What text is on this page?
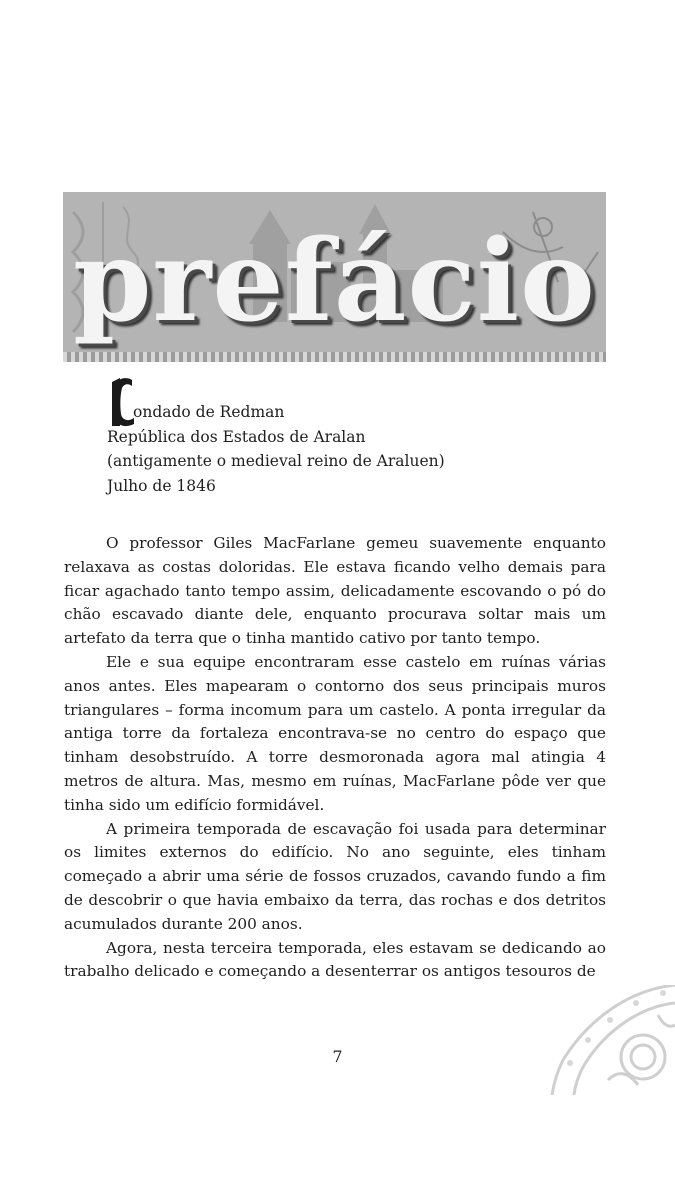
prefácio
ondado de Redman
República dos Estados de Aralan
(antigamente o medieval reino de Araluen)
Julho de 1846

O professor Giles MacFarlane gemeu suavemente enquanto relaxava as costas doloridas. Ele estava ficando velho demais para ficar agachado tanto tempo assim, delicadamente escovando o pó do chão escavado diante dele, enquanto procurava soltar mais um artefato da terra que o tinha mantido cativo por tanto tempo.

Ele e sua equipe encontraram esse castelo em ruínas várias anos antes. Eles mapearam o contorno dos seus principais muros triangulares – forma incomum para um castelo. A ponta irregular da antiga torre da fortaleza encontrava-se no centro do espaço que tinham desobstruído. A torre desmoronada agora mal atingia 4 metros de altura. Mas, mesmo em ruínas, MacFarlane pôde ver que tinha sido um edifício formidável.

A primeira temporada de escavação foi usada para determinar os limites externos do edifício. No ano seguinte, eles tinham começado a abrir uma série de fossos cruzados, cavando fundo a fim de descobrir o que havia embaixo da terra, das rochas e dos detritos acumulados durante 200 anos.

Agora, nesta terceira temporada, eles estavam se dedicando ao trabalho delicado e começando a desenterrar os antigos tesouros de

7
